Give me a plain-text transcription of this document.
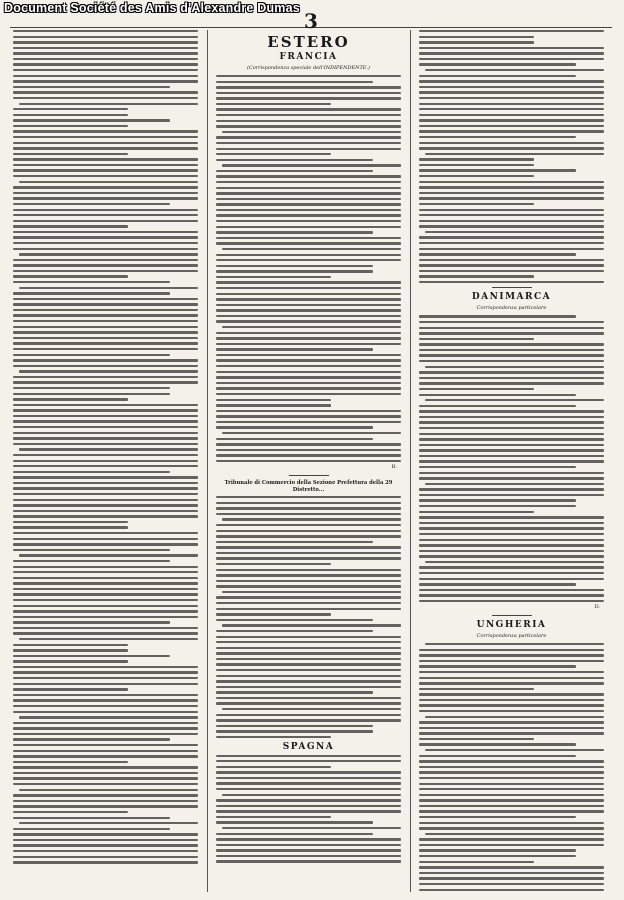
Document Société des Amis d'Alexandre Dumas
3
ESTERO
FRANCIA
(Corrispondenza speciale dell'INDIPENDENTE.)
B.
Tribunale di Commercio della Sezione Prefettura della 29 Distretto...
SPAGNA
DANIMARCA
Corrispondenza particolare
D.
UNGHERIA
Corrispondenza particolare
